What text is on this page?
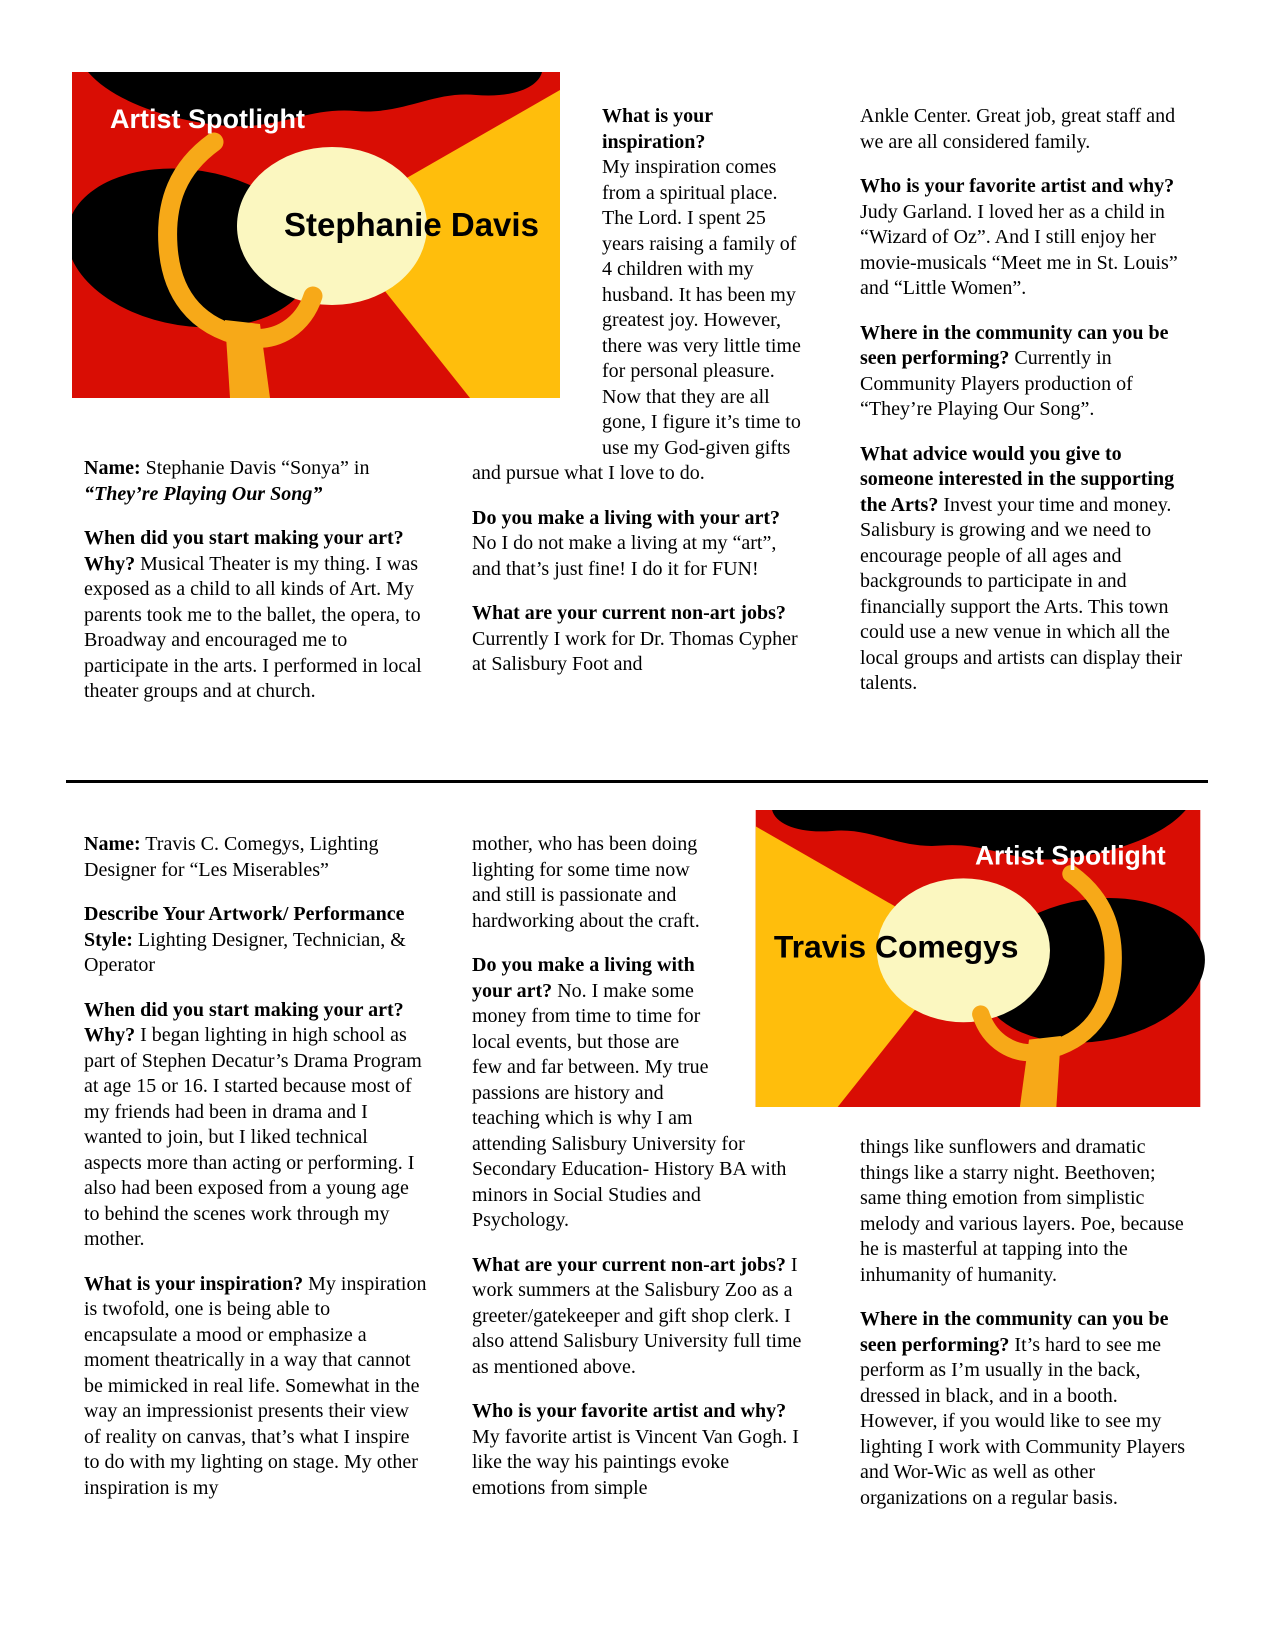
Artist Spotlight
Stephanie Davis

Name: Stephanie Davis “Sonya” in “They’re Playing Our Song”

When did you start making your art? Why? Musical Theater is my thing. I was exposed as a child to all kinds of Art. My parents took me to the ballet, the opera, to Broadway and encouraged me to participate in the arts. I performed in local theater groups and at church.

What is your inspiration?
My inspiration comes from a spiritual place. The Lord. I spent 25 years raising a family of 4 children with my husband. It has been my greatest joy. However, there was very little time for personal pleasure. Now that they are all gone, I figure it’s time to use my God-given gifts and pursue what I love to do.

Do you make a living with your art? No I do not make a living at my “art”, and that’s just fine! I do it for FUN!

What are your current non-art jobs? Currently I work for Dr. Thomas Cypher at Salisbury Foot and

Ankle Center. Great job, great staff and we are all considered family.

Who is your favorite artist and why? Judy Garland. I loved her as a child in “Wizard of Oz”. And I still enjoy her movie-musicals “Meet me in St. Louis” and “Little Women”.

Where in the community can you be seen performing? Currently in Community Players production of “They’re Playing Our Song”.

What advice would you give to someone interested in the supporting the Arts? Invest your time and money. Salisbury is growing and we need to encourage people of all ages and backgrounds to participate in and financially support the Arts. This town could use a new venue in which all the local groups and artists can display their talents.

Name: Travis C. Comegys, Lighting Designer for “Les Miserables”

Describe Your Artwork/ Performance Style: Lighting Designer, Technician, & Operator

When did you start making your art? Why? I began lighting in high school as part of Stephen Decatur’s Drama Program at age 15 or 16. I started because most of my friends had been in drama and I wanted to join, but I liked technical aspects more than acting or performing. I also had been exposed from a young age to behind the scenes work through my mother.

What is your inspiration? My inspiration is twofold, one is being able to encapsulate a mood or emphasize a moment theatrically in a way that cannot be mimicked in real life. Somewhat in the way an impressionist presents their view of reality on canvas, that’s what I inspire to do with my lighting on stage. My other inspiration is my

mother, who has been doing lighting for some time now and still is passionate and hardworking about the craft.

Do you make a living with your art? No. I make some money from time to time for local events, but those are few and far between. My true passions are history and teaching which is why I am attending Salisbury University for Secondary Education- History BA with minors in Social Studies and Psychology.

What are your current non-art jobs? I work summers at the Salisbury Zoo as a greeter/gatekeeper and gift shop clerk. I also attend Salisbury University full time as mentioned above.

Who is your favorite artist and why? My favorite artist is Vincent Van Gogh. I like the way his paintings evoke emotions from simple

Artist Spotlight
Travis Comegys

things like sunflowers and dramatic things like a starry night. Beethoven; same thing emotion from simplistic melody and various layers. Poe, because he is masterful at tapping into the inhumanity of humanity.

Where in the community can you be seen performing? It’s hard to see me perform as I’m usually in the back, dressed in black, and in a booth. However, if you would like to see my lighting I work with Community Players and Wor-Wic as well as other organizations on a regular basis.
